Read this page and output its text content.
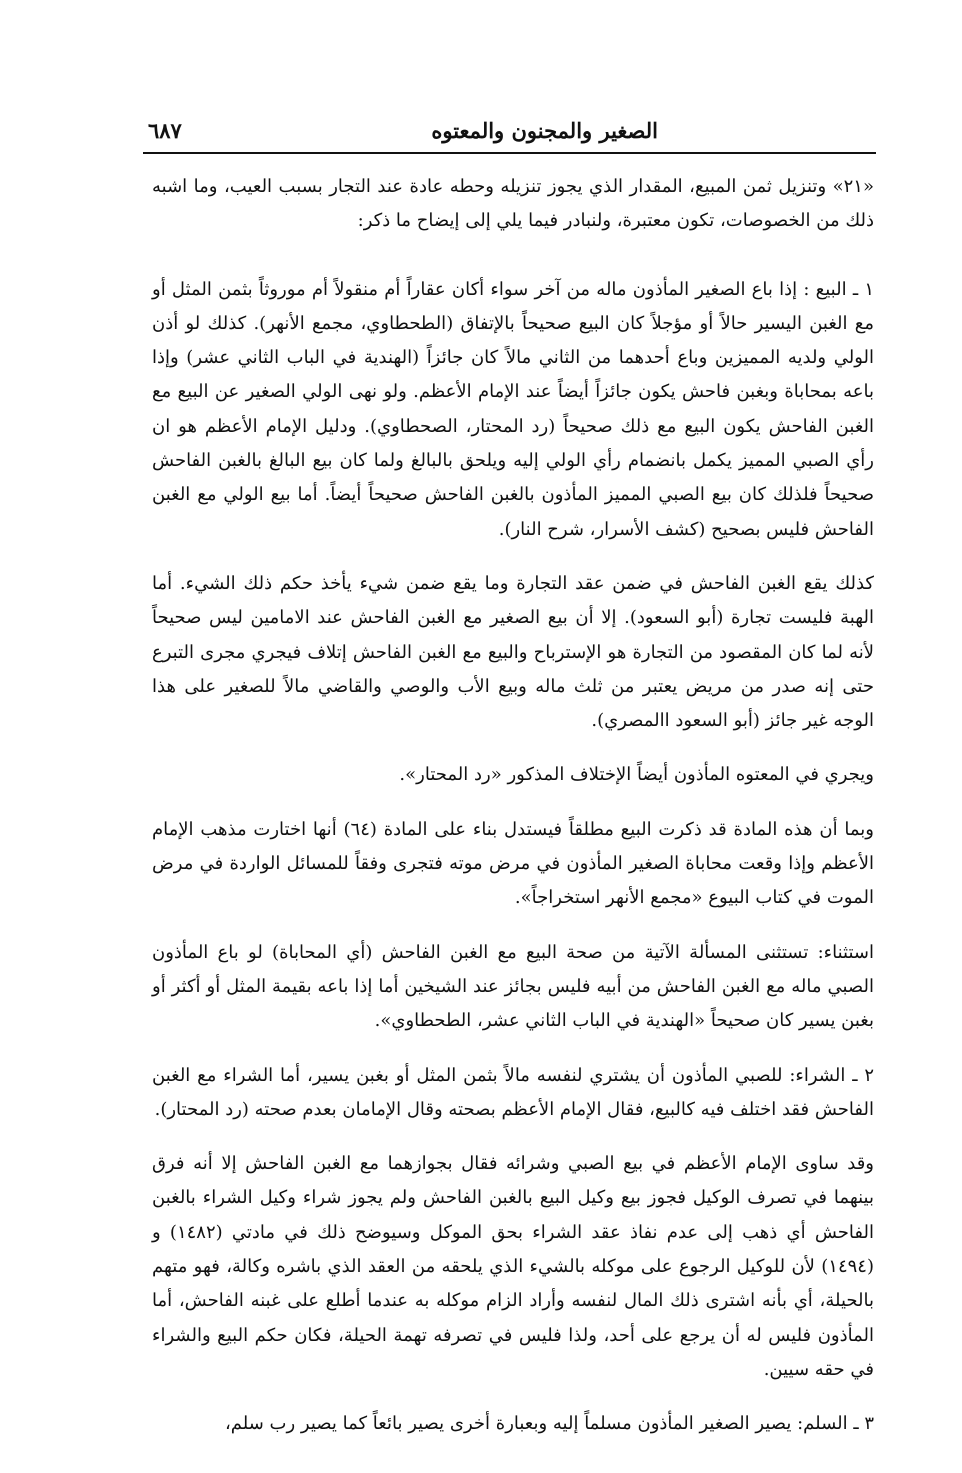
الصغير والمجنون والمعتوه
٦٨٧

«٢١» وتنزيل ثمن المبيع، المقدار الذي يجوز تنزيله وحطه عادة عند التجار بسبب العيب، وما اشبه ذلك من الخصوصات، تكون معتبرة، ولنبادر فيما يلي إلى إيضاح ما ذكر:

١ ـ البيع : إذا باع الصغير المأذون ماله من آخر سواء أكان عقاراً أم منقولاً أم موروثاً بثمن المثل أو مع الغبن اليسير حالاً أو مؤجلاً كان البيع صحيحاً بالإتفاق (الطحطاوي، مجمع الأنهر). كذلك لو أذن الولي ولديه المميزين وباع أحدهما من الثاني مالاً كان جائزاً (الهندية في الباب الثاني عشر) وإذا باعه بمحاباة وبغبن فاحش يكون جائزاً أيضاً عند الإمام الأعظم. ولو نهى الولي الصغير عن البيع مع الغبن الفاحش يكون البيع مع ذلك صحيحاً (رد المحتار، الصحطاوي). ودليل الإمام الأعظم هو ان رأي الصبي المميز يكمل بانضمام رأي الولي إليه ويلحق بالبالغ ولما كان بيع البالغ بالغبن الفاحش صحيحاً فلذلك كان بيع الصبي المميز المأذون بالغبن الفاحش صحيحاً أيضاً. أما بيع الولي مع الغبن الفاحش فليس بصحيح (كشف الأسرار، شرح النار).

كذلك يقع الغبن الفاحش في ضمن عقد التجارة وما يقع ضمن شيء يأخذ حكم ذلك الشيء. أما الهبة فليست تجارة (أبو السعود). إلا أن بيع الصغير مع الغبن الفاحش عند الامامين ليس صحيحاً لأنه لما كان المقصود من التجارة هو الإسترباح والبيع مع الغبن الفاحش إتلاف فيجري مجرى التبرع حتى إنه صدر من مريض يعتبر من ثلث ماله وبيع الأب والوصي والقاضي مالاً للصغير على هذا الوجه غير جائز (أبو السعود االمصري).

ويجري في المعتوه المأذون أيضاً الإختلاف المذكور «رد المحتار».

وبما أن هذه المادة قد ذكرت البيع مطلقاً فيستدل بناء على المادة (٦٤) أنها اختارت مذهب الإمام الأعظم وإذا وقعت محاباة الصغير المأذون في مرض موته فتجرى وفقاً للمسائل الواردة في مرض الموت في كتاب البيوع «مجمع الأنهر استخراجاً».

استثناء: تستثنى المسألة الآتية من صحة البيع مع الغبن الفاحش (أي المحاباة) لو باع المأذون الصبي ماله مع الغبن الفاحش من أبيه فليس بجائز عند الشيخين أما إذا باعه بقيمة المثل أو أكثر أو بغبن يسير كان صحيحاً «الهندية في الباب الثاني عشر، الطحطاوي».

٢ ـ الشراء: للصبي المأذون أن يشتري لنفسه مالاً بثمن المثل أو بغبن يسير، أما الشراء مع الغبن الفاحش فقد اختلف فيه كالبيع، فقال الإمام الأعظم بصحته وقال الإمامان بعدم صحته (رد المحتار).

وقد ساوى الإمام الأعظم في بيع الصبي وشرائه فقال بجوازهما مع الغبن الفاحش إلا أنه فرق بينهما في تصرف الوكيل فجوز بيع وكيل البيع بالغبن الفاحش ولم يجوز شراء وكيل الشراء بالغبن الفاحش أي ذهب إلى عدم نفاذ عقد الشراء بحق الموكل وسيوضح ذلك في مادتي (١٤٨٢) و (١٤٩٤) لأن للوكيل الرجوع على موكله بالشيء الذي يلحقه من العقد الذي باشره وكالة، فهو متهم بالحيلة، أي بأنه اشترى ذلك المال لنفسه وأراد الزام موكله به عندما أطلع على غبنه الفاحش، أما المأذون فليس له أن يرجع على أحد، ولذا فليس في تصرفه تهمة الحيلة، فكان حكم البيع والشراء في حقه سيين.

٣ ـ السلم: يصير الصغير المأذون مسلماً إليه وبعبارة أخرى يصير بائعاً كما يصير رب سلم،
